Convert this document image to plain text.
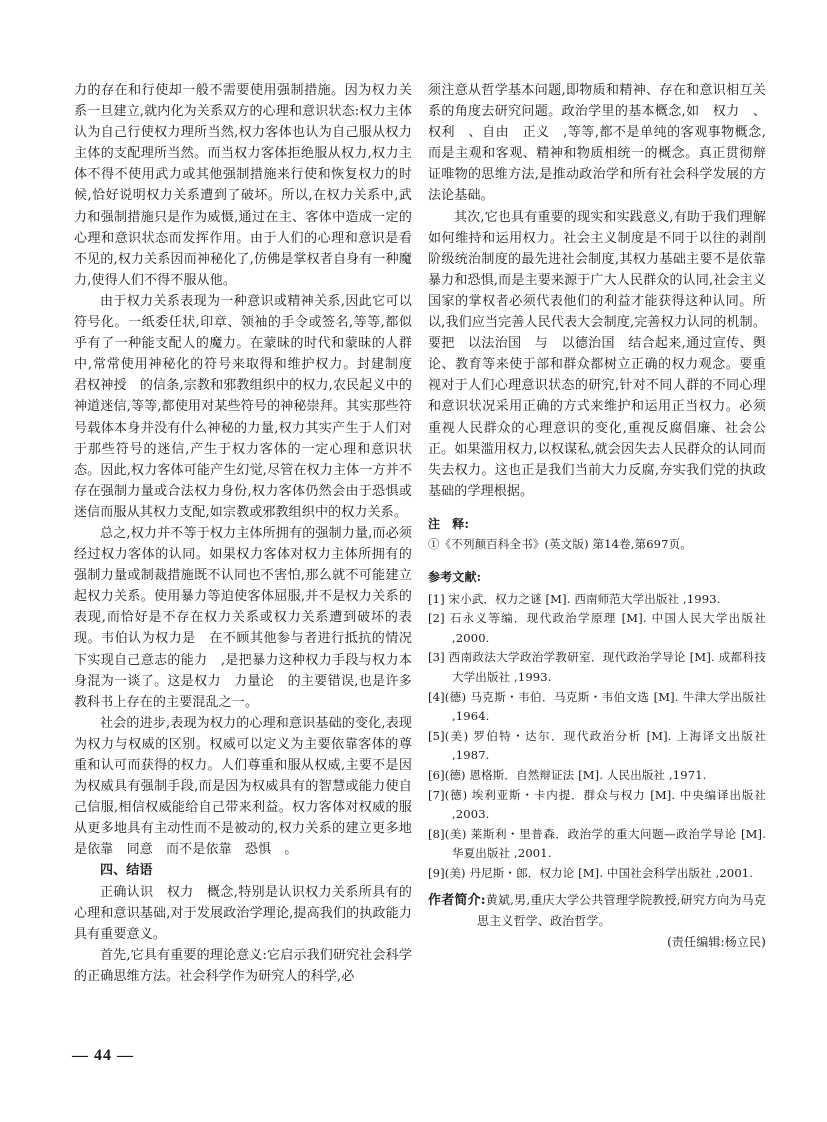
力的存在和行使却一般不需要使用强制措施。因为权力关系一旦建立,就内化为关系双方的心理和意识状态:权力主体认为自己行使权力理所当然,权力客体也认为自己服从权力主体的支配理所当然。而当权力客体拒绝服从权力,权力主体不得不使用武力或其他强制措施来行使和恢复权力的时候,恰好说明权力关系遭到了破坏。所以,在权力关系中,武力和强制措施只是作为威慑,通过在主、客体中造成一定的心理和意识状态而发挥作用。由于人们的心理和意识是看不见的,权力关系因而神秘化了,仿佛是掌权者自身有一种魔力,使得人们不得不服从他。

由于权力关系表现为一种意识或精神关系,因此它可以符号化。一纸委任状,印章、领袖的手令或签名,等等,都似乎有了一种能支配人的魔力。在蒙昧的时代和蒙昧的人群中,常常使用神秘化的符号来取得和维护权力。封建制度　君权神授　的信条,宗教和邪教组织中的权力,农民起义中的神道迷信,等等,都使用对某些符号的神秘崇拜。其实那些符号载体本身并没有什么神秘的力量,权力其实产生于人们对于那些符号的迷信,产生于权力客体的一定心理和意识状态。因此,权力客体可能产生幻觉,尽管在权力主体一方并不存在强制力量或合法权力身份,权力客体仍然会由于恐惧或迷信而服从其权力支配,如宗教或邪教组织中的权力关系。

总之,权力并不等于权力主体所拥有的强制力量,而必须经过权力客体的认同。如果权力客体对权力主体所拥有的强制力量或制裁措施既不认同也不害怕,那么就不可能建立起权力关系。使用暴力等迫使客体屈服,并不是权力关系的表现,而恰好是不存在权力关系或权力关系遭到破坏的表现。韦伯认为权力是　在不顾其他参与者进行抵抗的情况下实现自己意志的能力　,是把暴力这种权力手段与权力本身混为一谈了。这是权力　力量论　的主要错误,也是许多教科书上存在的主要混乱之一。

社会的进步,表现为权力的心理和意识基础的变化,表现为权力与权威的区别。权威可以定义为主要依靠客体的尊重和认可而获得的权力。人们尊重和服从权威,主要不是因为权威具有强制手段,而是因为权威具有的智慧或能力使自己信服,相信权威能给自己带来利益。权力客体对权威的服从更多地具有主动性而不是被动的,权力关系的建立更多地是依靠　同意　而不是依靠　恐惧　。

四、结语

正确认识　权力　概念,特别是认识权力关系所具有的心理和意识基础,对于发展政治学理论,提高我们的执政能力具有重要意义。

首先,它具有重要的理论意义:它启示我们研究社会科学的正确思维方法。社会科学作为研究人的科学,必

须注意从哲学基本问题,即物质和精神、存在和意识相互关系的角度去研究问题。政治学里的基本概念,如　权力　、权利　、自由　正义　,等等,都不是单纯的客观事物概念,而是主观和客观、精神和物质相统一的概念。真正贯彻辩证唯物的思维方法,是推动政治学和所有社会科学发展的方法论基础。

其次,它也具有重要的现实和实践意义,有助于我们理解如何维持和运用权力。社会主义制度是不同于以往的剥削阶级统治制度的最先进社会制度,其权力基础主要不是依靠暴力和恐惧,而是主要来源于广大人民群众的认同,社会主义国家的掌权者必须代表他们的利益才能获得这种认同。所以,我们应当完善人民代表大会制度,完善权力认同的机制。要把　以法治国　与　以德治国　结合起来,通过宣传、舆论、教育等来使于部和群众都树立正确的权力观念。要重视对于人们心理意识状态的研究,针对不同人群的不同心理和意识状况采用正确的方式来维护和运用正当权力。必须重视人民群众的心理意识的变化,重视反腐倡廉、社会公正。如果滥用权力,以权谋私,就会因失去人民群众的认同而失去权力。这也正是我们当前大力反腐,夯实我们党的执政基础的学理根据。

注　释:

①《不列颠百科全书》(英文版) 第14卷,第697页。

参考文献:

[1] 宋小武．权力之谜 [M]. 西南师范大学出版社 ,1993.
[2] 石永义等编．现代政治学原理 [M]. 中国人民大学出版社 ,2000.
[3] 西南政法大学政治学教研室．现代政治学导论 [M]. 成都科技大学出版社 ,1993.
[4](德) 马克斯・韦伯．马克斯・韦伯文选 [M]. 牛津大学出版社 ,1964.
[5](美) 罗伯特・达尔．现代政治分析 [M]. 上海译文出版社 ,1987.
[6](德) 恩格斯．自然辩证法 [M]. 人民出版社 ,1971.
[7](德) 埃利亚斯・卡内提．群众与权力 [M]. 中央编译出版社 ,2003.
[8](美) 莱斯利・里普森．政治学的重大问题—政治学导论 [M]. 华夏出版社 ,2001.
[9](美) 丹尼斯・郎．权力论 [M]. 中国社会科学出版社 ,2001.

作者简介:黄斌,男,重庆大学公共管理学院教授,研究方向为马克思主义哲学、政治哲学。

(责任编辑:杨立民)

— 44 —
